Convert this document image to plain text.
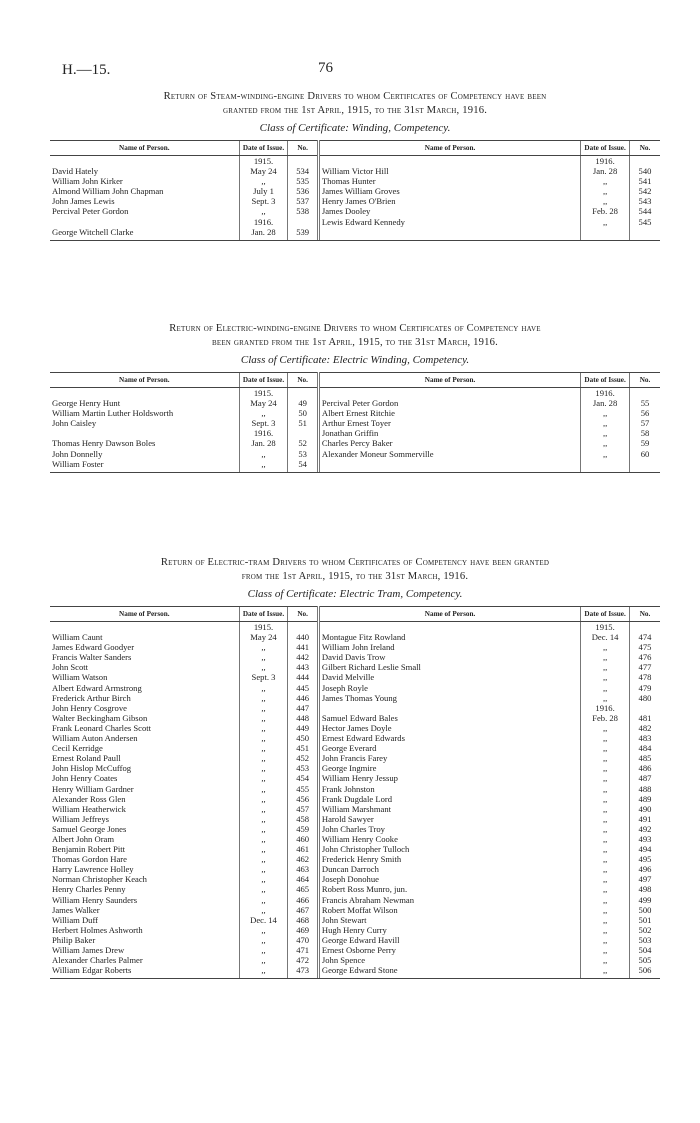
H.—15.	76
Return of Steam-winding-engine Drivers to whom Certificates of Competency have been
granted from the 1st April, 1915, to the 31st March, 1916.
Class of Certificate: Winding, Competency.
Name of Person.	Date of Issue.	No.	Name of Person.	Date of Issue.	No.
	1915.			1916.	
David Hately	May 24	534	William Victor Hill	Jan. 28	540
William John Kirker	,,	535	Thomas Hunter	,,	541
Almond William John Chapman	July 1	536	James William Groves	,,	542
John James Lewis	Sept. 3	537	Henry James O'Brien	,,	543
Percival Peter Gordon	,,	538	James Dooley	Feb. 28	544
	1916.		Lewis Edward Kennedy	,,	545
George Witchell Clarke	Jan. 28	539			
Return of Electric-winding-engine Drivers to whom Certificates of Competency have
been granted from the 1st April, 1915, to the 31st March, 1916.
Class of Certificate: Electric Winding, Competency.
Name of Person.	Date of Issue.	No.	Name of Person.	Date of Issue.	No.
	1915.			1916.	
George Henry Hunt	May 24	49	Percival Peter Gordon	Jan. 28	55
William Martin Luther Holdsworth	,,	50	Albert Ernest Ritchie	,,	56
John Caisley	Sept. 3	51	Arthur Ernest Toyer	,,	57
	1916.		Jonathan Griffin	,,	58
Thomas Henry Dawson Boles	Jan. 28	52	Charles Percy Baker	,,	59
John Donnelly	,,	53	Alexander Moneur Sommerville	,,	60
William Foster	,,	54			
Return of Electric-tram Drivers to whom Certificates of Competency have been granted
from the 1st April, 1915, to the 31st March, 1916.
Class of Certificate: Electric Tram, Competency.
Name of Person.	Date of Issue.	No.	Name of Person.	Date of Issue.	No.
	1915.			1915.	
William Caunt	May 24	440	Montague Fitz Rowland	Dec. 14	474
James Edward Goodyer	,,	441	William John Ireland	,,	475
Francis Walter Sanders	,,	442	David Davis Trow	,,	476
John Scott	,,	443	Gilbert Richard Leslie Small	,,	477
William Watson	Sept. 3	444	David Melville	,,	478
Albert Edward Armstrong	,,	445	Joseph Royle	,,	479
Frederick Arthur Birch	,,	446	James Thomas Young	,,	480
John Henry Cosgrove	,,	447		1916.	
Walter Beckingham Gibson	,,	448	Samuel Edward Bales	Feb. 28	481
Frank Leonard Charles Scott	,,	449	Hector James Doyle	,,	482
William Auton Andersen	,,	450	Ernest Edward Edwards	,,	483
Cecil Kerridge	,,	451	George Everard	,,	484
Ernest Roland Paull	,,	452	John Francis Farey	,,	485
John Hislop McCuffog	,,	453	George Ingmire	,,	486
John Henry Coates	,,	454	William Henry Jessup	,,	487
Henry William Gardner	,,	455	Frank Johnston	,,	488
Alexander Ross Glen	,,	456	Frank Dugdale Lord	,,	489
William Heatherwick	,,	457	William Marshmant	,,	490
William Jeffreys	,,	458	Harold Sawyer	,,	491
Samuel George Jones	,,	459	John Charles Troy	,,	492
Albert John Oram	,,	460	William Henry Cooke	,,	493
Benjamin Robert Pitt	,,	461	John Christopher Tulloch	,,	494
Thomas Gordon Hare	,,	462	Frederick Henry Smith	,,	495
Harry Lawrence Holley	,,	463	Duncan Darroch	,,	496
Norman Christopher Keach	,,	464	Joseph Donohue	,,	497
Henry Charles Penny	,,	465	Robert Ross Munro, jun.	,,	498
William Henry Saunders	,,	466	Francis Abraham Newman	,,	499
James Walker	,,	467	Robert Moffat Wilson	,,	500
William Duff	Dec. 14	468	John Stewart	,,	501
Herbert Holmes Ashworth	,,	469	Hugh Henry Curry	,,	502
Philip Baker	,,	470	George Edward Havill	,,	503
William James Drew	,,	471	Ernest Osborne Perry	,,	504
Alexander Charles Palmer	,,	472	John Spence	,,	505
William Edgar Roberts	,,	473	George Edward Stone	,,	506
